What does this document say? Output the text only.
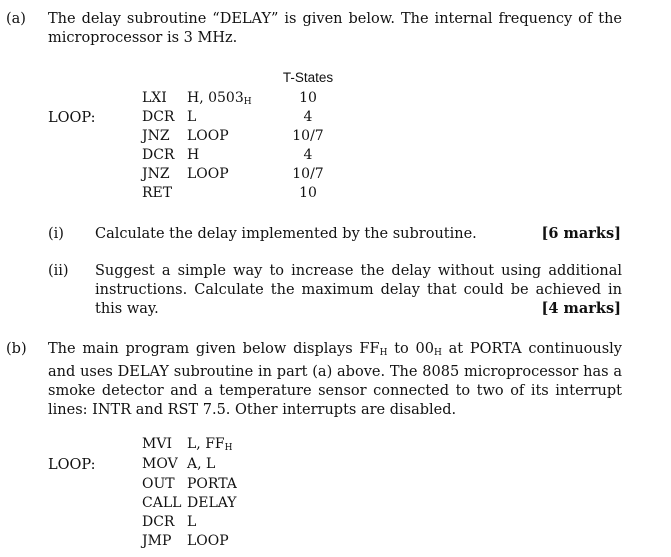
(a) The delay subroutine “DELAY” is given below. The internal frequency of the microprocessor is 3 MHz.
T-States
LOOP:
LXI H, $0503_H$	10
DCR L	4
JNZ LOOP	10/7
DCR H	4
JNZ LOOP	10/7
RET	10
(i) Calculate the delay implemented by the subroutine.	[6 marks]
(ii) Suggest a simple way to increase the delay without using additional instructions. Calculate the maximum delay that could be achieved in this way.	[4 marks]
(b) The main program given below displays $FF_H$ to $00_H$ at PORTA continuously and uses DELAY subroutine in part (a) above. The 8085 microprocessor has a smoke detector and a temperature sensor connected to two of its interrupt lines: INTR and RST 7.5. Other interrupts are disabled.
LOOP:
MVI L, $FF_H$
MOV A, L
OUT PORTA
CALL DELAY
DCR L
JMP LOOP
